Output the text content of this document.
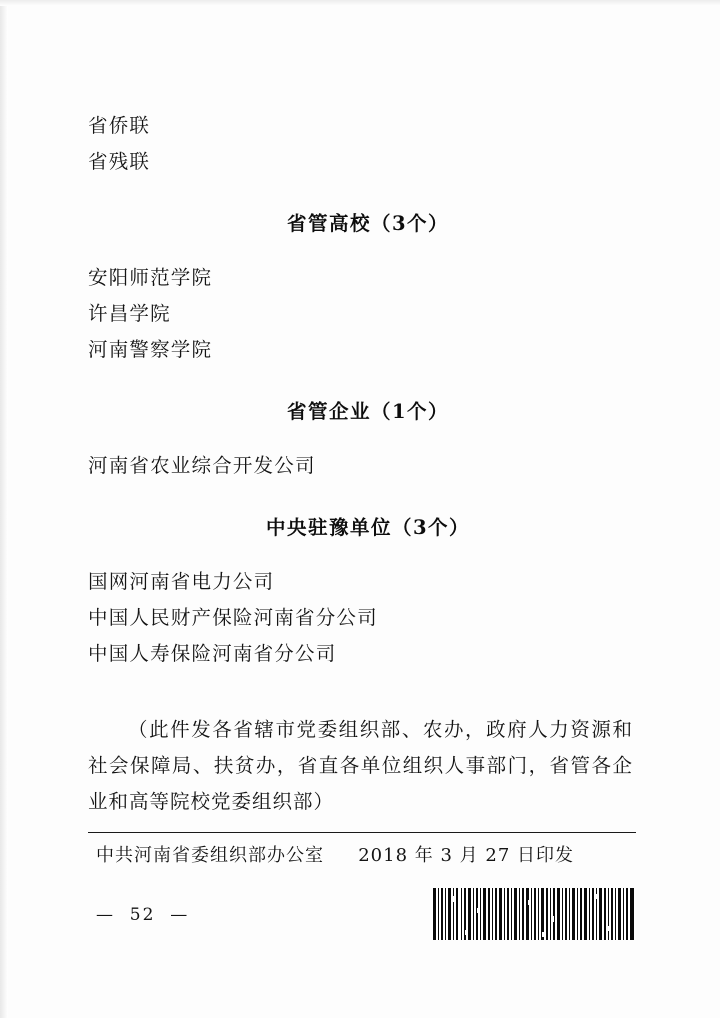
省侨联
省残联
省管高校（3个）
安阳师范学院
许昌学院
河南警察学院
省管企业（1个）
河南省农业综合开发公司
中央驻豫单位（3个）
国网河南省电力公司
中国人民财产保险河南省分公司
中国人寿保险河南省分公司
（此件发各省辖市党委组织部、农办，政府人力资源和社会保障局、扶贫办，省直各单位组织人事部门，省管各企业和高等院校党委组织部）
中共河南省委组织部办公室 2018 年 3 月 27 日印发
—  52  —
